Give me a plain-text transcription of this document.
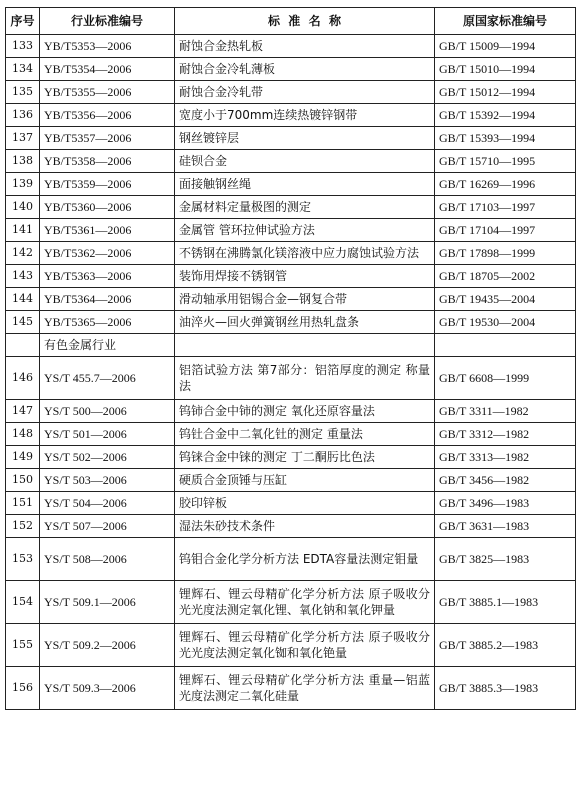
序号	行业标准编号	标  准  名  称	原国家标准编号
133	YB/T5353—2006	耐蚀合金热轧板	GB/T 15009—1994
134	YB/T5354—2006	耐蚀合金冷轧薄板	GB/T 15010—1994
135	YB/T5355—2006	耐蚀合金冷轧带	GB/T 15012—1994
136	YB/T5356—2006	宽度小于700mm连续热镀锌钢带	GB/T 15392—1994
137	YB/T5357—2006	钢丝镀锌层	GB/T 15393—1994
138	YB/T5358—2006	硅钡合金	GB/T 15710—1995
139	YB/T5359—2006	面接触钢丝绳	GB/T 16269—1996
140	YB/T5360—2006	金属材料定量极图的测定	GB/T 17103—1997
141	YB/T5361—2006	金属管 管环拉伸试验方法	GB/T 17104—1997
142	YB/T5362—2006	不锈钢在沸腾氯化镁溶液中应力腐蚀试验方法	GB/T 17898—1999
143	YB/T5363—2006	装饰用焊接不锈钢管	GB/T 18705—2002
144	YB/T5364—2006	滑动轴承用铝锡合金—钢复合带	GB/T 19435—2004
145	YB/T5365—2006	油淬火—回火弹簧钢丝用热轧盘条	GB/T 19530—2004
	有色金属行业		
146	YS/T 455.7—2006	铝箔试验方法 第7部分：铝箔厚度的测定 称量法	GB/T 6608—1999
147	YS/T 500—2006	钨铈合金中铈的测定 氧化还原容量法	GB/T 3311—1982
148	YS/T 501—2006	钨钍合金中二氧化钍的测定 重量法	GB/T 3312—1982
149	YS/T 502—2006	钨铼合金中铼的测定 丁二酮肟比色法	GB/T 3313—1982
150	YS/T 503—2006	硬质合金顶锤与压缸	GB/T 3456—1982
151	YS/T 504—2006	胶印锌板	GB/T 3496—1983
152	YS/T 507—2006	湿法朱砂技术条件	GB/T 3631—1983
153	YS/T 508—2006	钨钼合金化学分析方法 EDTA容量法测定钼量	GB/T 3825—1983
154	YS/T 509.1—2006	锂辉石、锂云母精矿化学分析方法 原子吸收分光光度法测定氧化锂、氧化钠和氧化钾量	GB/T 3885.1—1983
155	YS/T 509.2—2006	锂辉石、锂云母精矿化学分析方法 原子吸收分光光度法测定氧化铷和氧化铯量	GB/T 3885.2—1983
156	YS/T 509.3—2006	锂辉石、锂云母精矿化学分析方法 重量—铝蓝光度法测定二氧化硅量	GB/T 3885.3—1983
